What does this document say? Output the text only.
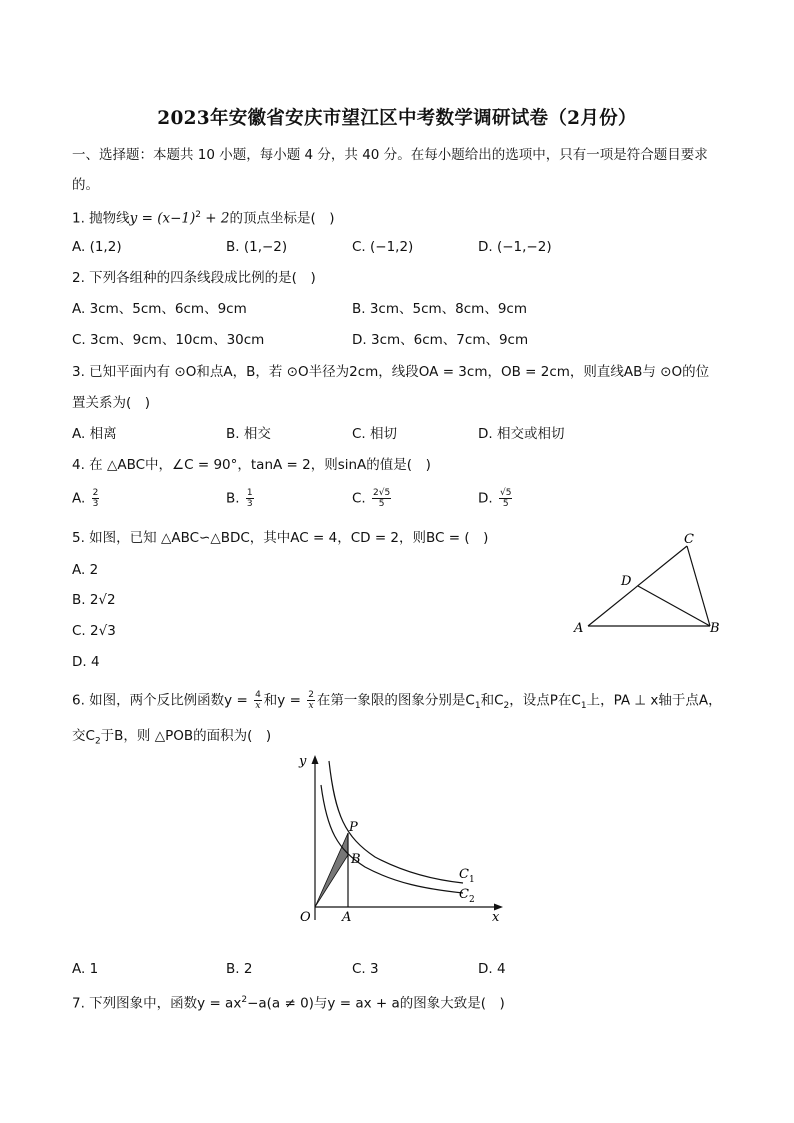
2023年安徽省安庆市望江区中考数学调研试卷（2月份）
一、选择题：本题共 10 小题，每小题 4 分，共 40 分。在每小题给出的选项中，只有一项是符合题目要求
的。
1. 抛物线$y = (x-1)^2 + 2$的顶点坐标是(　)
A. (1,2)	B. (1,−2)	C. (−1,2)	D. (−1,−2)
2. 下列各组种的四条线段成比例的是(　)
A. 3cm、5cm、6cm、9cm	B. 3cm、5cm、8cm、9cm
C. 3cm、9cm、10cm、30cm	D. 3cm、6cm、7cm、9cm
3. 已知平面内有 ⊙O和点A，B，若 ⊙O半径为2cm，线段OA = 3cm，OB = 2cm，则直线AB与 ⊙O的位
置关系为(　)
A. 相离	B. 相交	C. 相切	D. 相交或相切
4. 在 △ABC中，∠C = 90°，tanA = 2，则sinA的值是(　)
A. $\frac{2}{3}$	B. $\frac{1}{3}$	C. $\frac{2√5}{5}$	D. $\frac{√5}{5}$
5. 如图，已知 △ABC∽△BDC，其中AC = 4，CD = 2，则BC = (　)
A. 2
B. 2√2
C. 2√3
D. 4
A	B
C
D
6. 如图，两个反比例函数$y = \frac{4}{x}$ 和$y = \frac{2}{x}$ 在第一象限的图象分别是$C_1$和$C_2$，设点P在$C_1$上，PA ⊥ x轴于点A，
交$C_2$于B，则 △POB的面积为(　)
y
x
O A
P
B
$C_1$
$C_2$
A. 1	B. 2	C. 3	D. 4
7. 下列图象中，函数$y = ax^2-a(a \ne 0)$与y = ax + a的图象大致是(　)
